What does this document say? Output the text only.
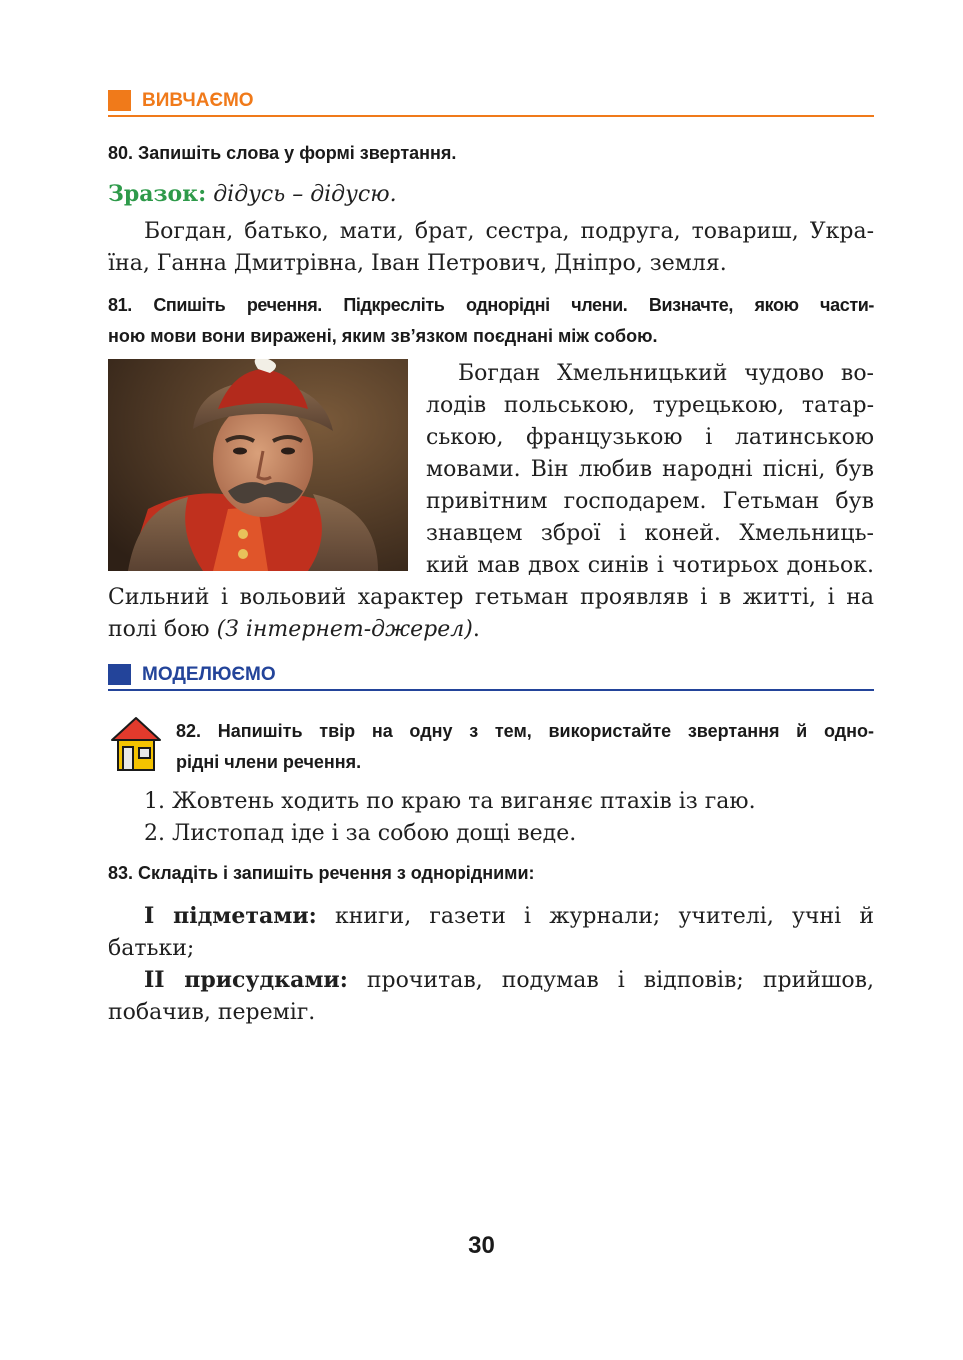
ВИВЧАЄМО
80. Запишіть слова у формі звертання.
Зразок: дідусь – дідусю.
Богдан, батько, мати, брат, сестра, подруга, товариш, Укра-
їна, Ганна Дмитрівна, Іван Петрович, Дніпро, земля.
81. Спишіть речення. Підкресліть однорідні члени. Визначте, якою части-
ною мови вони виражені, яким зв’язком поєднані між собою.
Богдан Хмельницький чудово во-
лодів польською, турецькою, татар-
ською, французькою і латинською
мовами. Він любив народні пісні, був
привітним господарем. Гетьман був
знавцем зброї і коней. Хмельниць-
кий мав двох синів і чотирьох доньок.
Сильний і вольовий характер гетьман проявляв і в житті, і на
полі бою (З інтернет-джерел).
МОДЕЛЮЄМО
82. Напишіть твір на одну з тем, використайте звертання й одно-
рідні члени речення.
1. Жовтень ходить по краю та виганяє птахів із гаю.
2. Листопад іде і за собою дощі веде.
83. Складіть і запишіть речення з однорідними:
І підметами: книги, газети і журнали; учителі, учні й
батьки;
ІІ присудками: прочитав, подумав і відповів; прийшов,
побачив, переміг.
30
